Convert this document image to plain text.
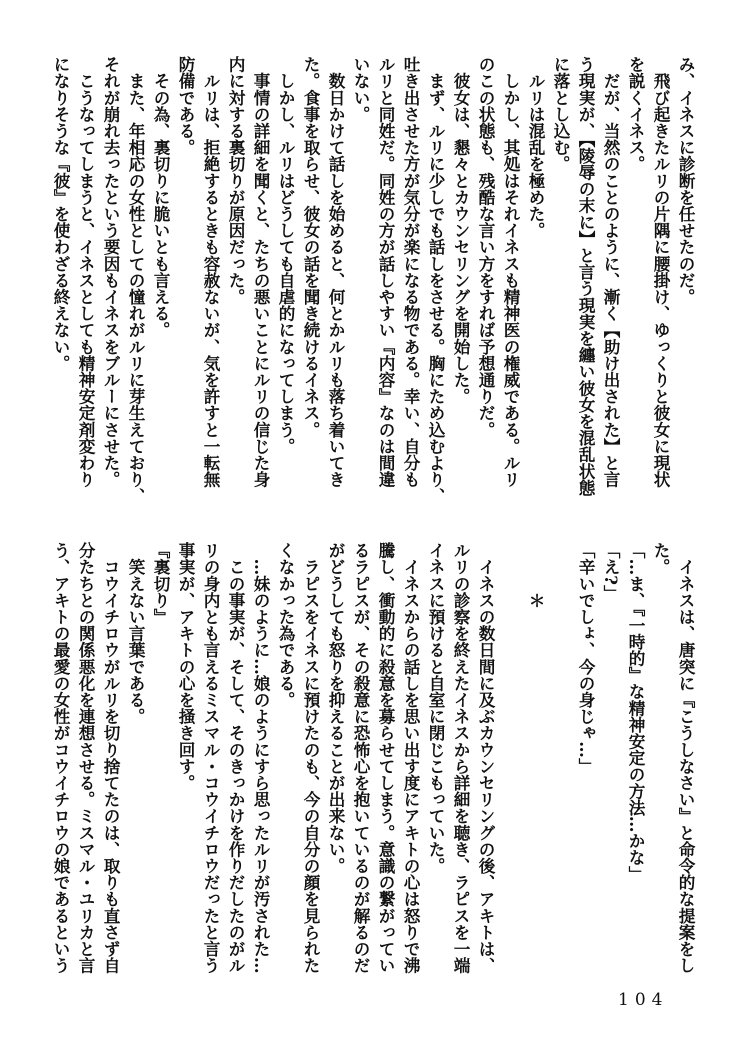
み、イネスに診断を任せたのだ。
　飛び起きたルリの片隅に腰掛け、ゆっくりと彼女に現状
を説くイネス。
　だが、当然のことのように、漸く【助け出された】と言
う現実が、【陵辱の末に】と言う現実を纏い彼女を混乱状態
に落とし込む。
　ルリは混乱を極めた。
　しかし、其処はそれイネスも精神医の権威である。ルリ
のこの状態も、残酷な言い方をすれば予想通りだ。
　彼女は、懇々とカウンセリングを開始した。
　まず、ルリに少しでも話しをさせる。胸にため込むより、
吐き出させた方が気分が楽になる物である。幸い、自分も
ルリと同姓だ。同姓の方が話しやすい『内容』なのは間違
いない。
　数日かけて話しを始めると、何とかルリも落ち着いてき
た。食事を取らせ、彼女の話を聞き続けるイネス。
　しかし、ルリはどうしても自虐的になってしまう。
　事情の詳細を聞くと、たちの悪いことにルリの信じた身
内に対する裏切りが原因だった。
　ルリは、拒絶するときも容赦ないが、気を許すと一転無
防備である。
　その為、裏切りに脆いとも言える。
　また、年相応の女性としての憧れがルリに芽生えており、
それが崩れ去ったという要因もイネスをブルーにさせた。
　こうなってしまうと、イネスとしても精神安定剤変わり
になりそうな『彼』を使わざる終えない。
　イネスは、唐突に『こうしなさい』と命令的な提案をし
た。
「…ま、『一時的』な精神安定の方法…かな」
「え?」
「辛いでしょ、今の身じゃ…」
　　　＊
　イネスの数日間に及ぶカウンセリングの後、アキトは、
ルリの診察を終えたイネスから詳細を聴き、ラピスを一端
イネスに預けると自室に閉じこもっていた。
　イネスからの話しを思い出す度にアキトの心は怒りで沸
騰し、衝動的に殺意を募らせてしまう。意識の繋がってい
るラピスが、その殺意に恐怖心を抱いているのが解るのだ
がどうしても怒りを抑えることが出来ない。
　ラピスをイネスに預けたのも、今の自分の顔を見られた
くなかった為である。
　…妹のように…娘のようにすら思ったルリが汚された…
　この事実が、そして、そのきっかけを作りだしたのがル
リの身内とも言えるミスマル・コウイチロウだったと言う
事実が、アキトの心を掻き回す。
『裏切り』
　笑えない言葉である。
　コウイチロウがルリを切り捨てたのは、取りも直さず自
分たちとの関係悪化を連想させる。ミスマル・ユリカと言
う、アキトの最愛の女性がコウイチロウの娘であるという
104
